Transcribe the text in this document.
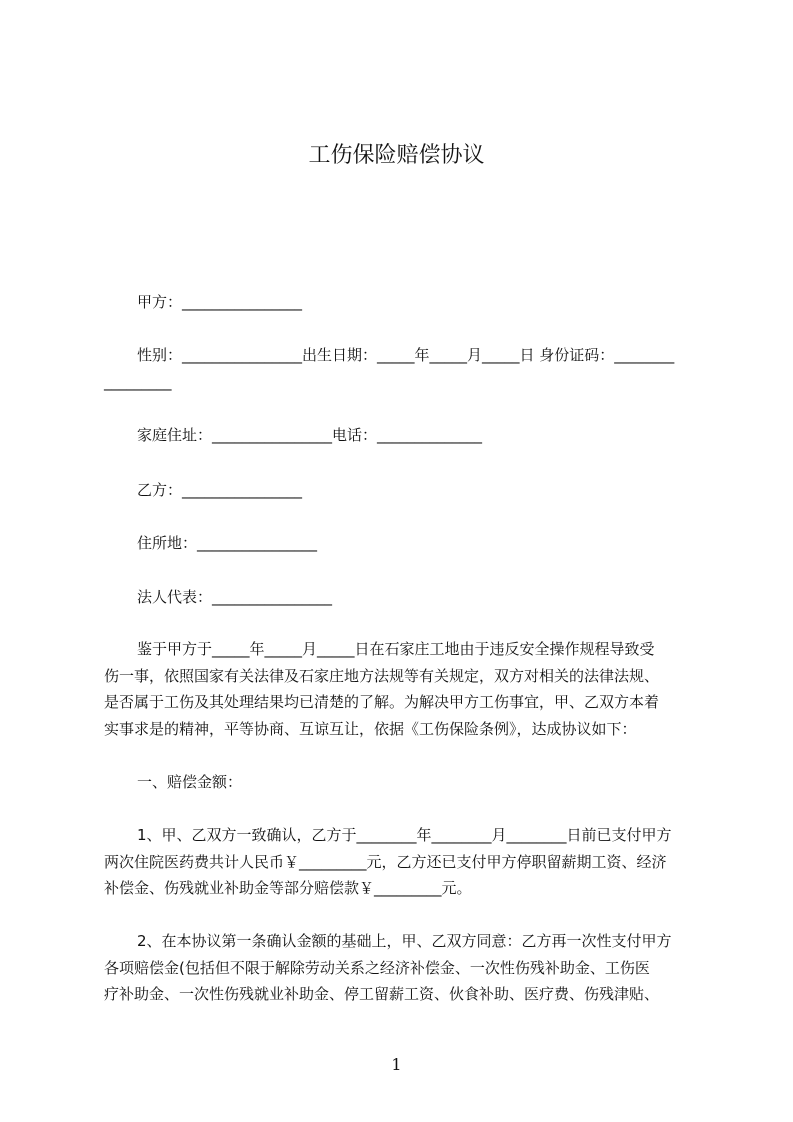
工伤保险赔偿协议

甲方：________________

性别：________________出生日期：_____年_____月_____日 身份证码：________

_________

家庭住址：________________电话：______________

乙方：________________

住所地：________________

法人代表：________________

鉴于甲方于_____年_____月_____日在石家庄工地由于违反安全操作规程导致受

伤一事，依照国家有关法律及石家庄地方法规等有关规定，双方对相关的法律法规、

是否属于工伤及其处理结果均已清楚的了解。为解决甲方工伤事宜，甲、乙双方本着

实事求是的精神，平等协商、互谅互让，依据《工伤保险条例》，达成协议如下：

一、赔偿金额：

1、甲、乙双方一致确认，乙方于________年________月________日前已支付甲方

两次住院医药费共计人民币￥_________元，乙方还已支付甲方停职留薪期工资、经济

补偿金、伤残就业补助金等部分赔偿款￥_________元。

2、在本协议第一条确认金额的基础上，甲、乙双方同意：乙方再一次性支付甲方

各项赔偿金(包括但不限于解除劳动关系之经济补偿金、一次性伤残补助金、工伤医

疗补助金、一次性伤残就业补助金、停工留薪工资、伙食补助、医疗费、伤残津贴、

1
